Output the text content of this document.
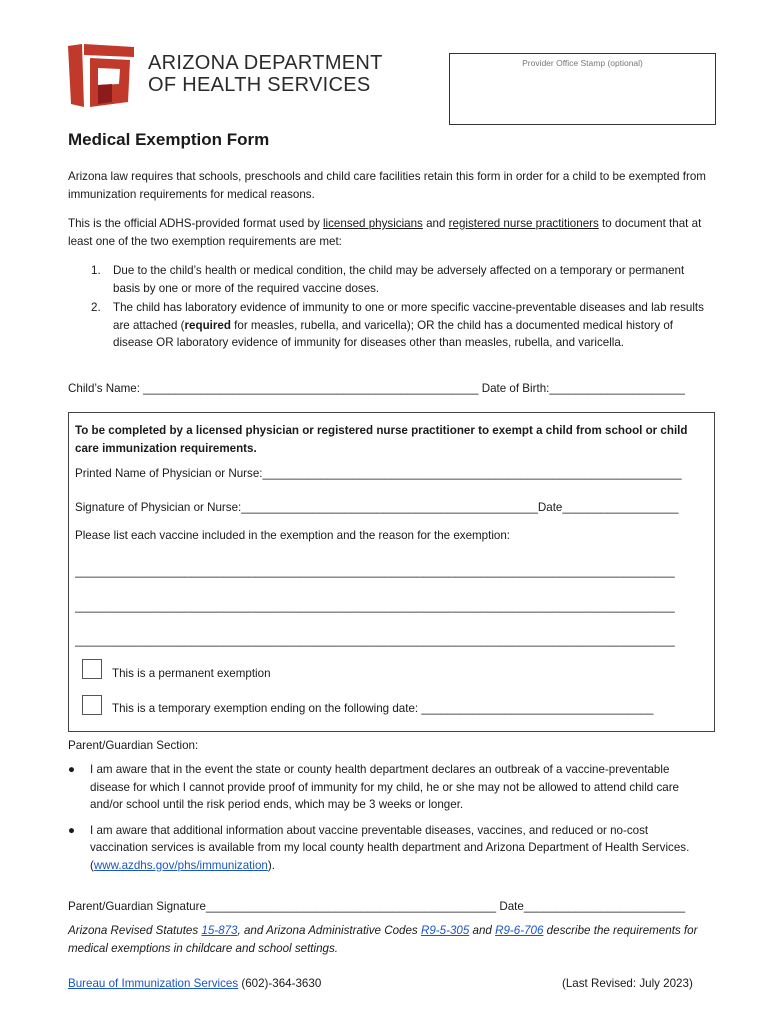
ARIZONA DEPARTMENT
OF HEALTH SERVICES
Provider Office Stamp (optional)
Medical Exemption Form
Arizona law requires that schools, preschools and child care facilities retain this form in order for a child to be exempted from immunization requirements for medical reasons.
This is the official ADHS-provided format used by licensed physicians and registered nurse practitioners to document that at least one of the two exemption requirements are met:
1. Due to the child’s health or medical condition, the child may be adversely affected on a temporary or permanent basis by one or more of the required vaccine doses.
2. The child has laboratory evidence of immunity to one or more specific vaccine-preventable diseases and lab results are attached (required for measles, rubella, and varicella); OR the child has a documented medical history of disease OR laboratory evidence of immunity for diseases other than measles, rubella, and varicella.
Child’s Name: ____________________________________________________ Date of Birth:_____________________
To be completed by a licensed physician or registered nurse practitioner to exempt a child from school or child care immunization requirements.
Printed Name of Physician or Nurse:_________________________________________________________________
Signature of Physician or Nurse:______________________________________________Date__________________
Please list each vaccine included in the exemption and the reason for the exemption:
_____________________________________________________________________________________________
_____________________________________________________________________________________________
_____________________________________________________________________________________________
This is a permanent exemption
This is a temporary exemption ending on the following date: ____________________________________
Parent/Guardian Section:
● I am aware that in the event the state or county health department declares an outbreak of a vaccine-preventable disease for which I cannot provide proof of immunity for my child, he or she may not be allowed to attend child care and/or school until the risk period ends, which may be 3 weeks or longer.
● I am aware that additional information about vaccine preventable diseases, vaccines, and reduced or no-cost vaccination services is available from my local county health department and Arizona Department of Health Services. (www.azdhs.gov/phs/immunization).
Parent/Guardian Signature_____________________________________________ Date_________________________
Arizona Revised Statutes 15-873, and Arizona Administrative Codes R9-5-305 and R9-6-706 describe the requirements for medical exemptions in childcare and school settings.
Bureau of Immunization Services (602)-364-3630	(Last Revised: July 2023)
